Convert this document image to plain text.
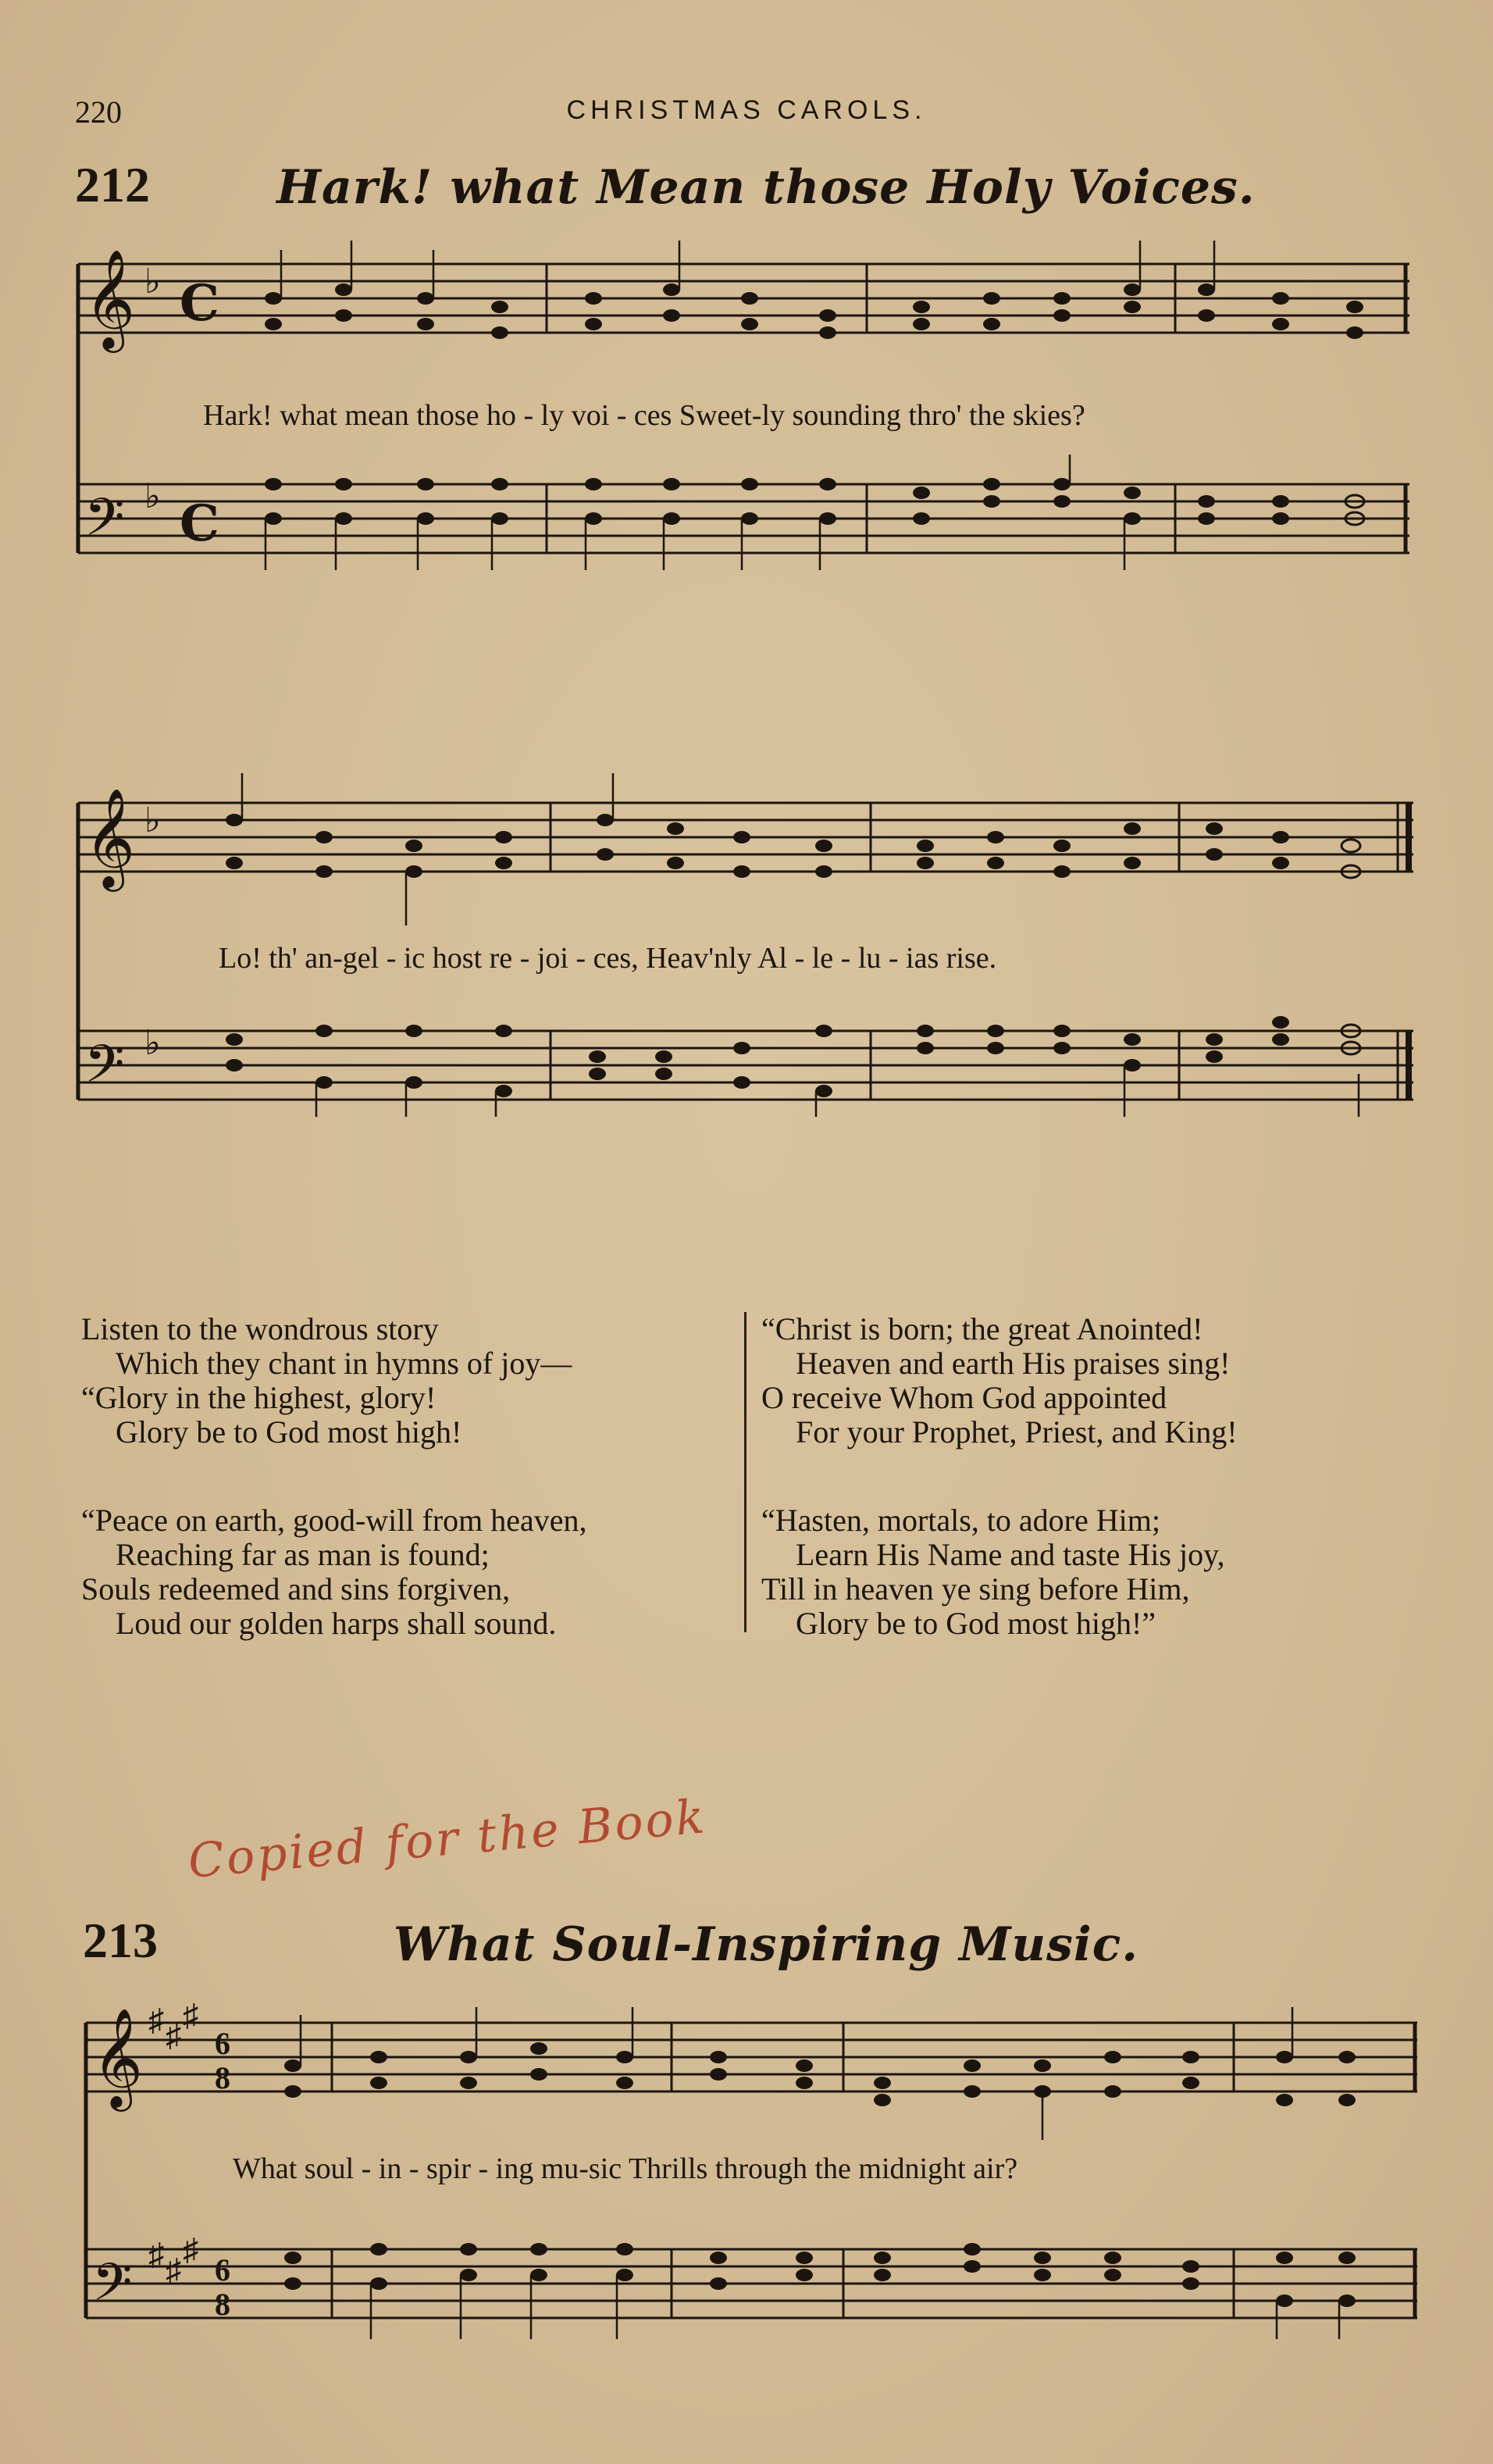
220	CHRISTMAS CAROLS.
212	Hark! what Mean those Holy Voices.
𝄞
𝄢
♭
♭
C
C
Hark! what mean those ho - ly voi - ces Sweet-ly sounding thro' the skies?
𝄞
𝄢
♭
♭
Lo! th' an-gel - ic host re - joi - ces, Heav'nly Al - le - lu - ias rise.

Listen to the wondrous story

Which they chant in hymns of joy—

“Glory in the highest, glory!

Glory be to God most high!

“Peace on earth, good-will from heaven,

Reaching far as man is found;

Souls redeemed and sins forgiven,

Loud our golden harps shall sound.

“Christ is born; the great Anointed!

Heaven and earth His praises sing!

O receive Whom God appointed

For your Prophet, Priest, and King!

“Hasten, mortals, to adore Him;

Learn His Name and taste His joy,

Till in heaven ye sing before Him,

Glory be to God most high!”

Copied for the Book
213	What Soul-Inspiring Music.
𝄞
𝄢
♯ ♯
♯
♯ ♯
♯
6
8
6
8
What soul - in - spir - ing mu-sic Thrills through the midnight air?
